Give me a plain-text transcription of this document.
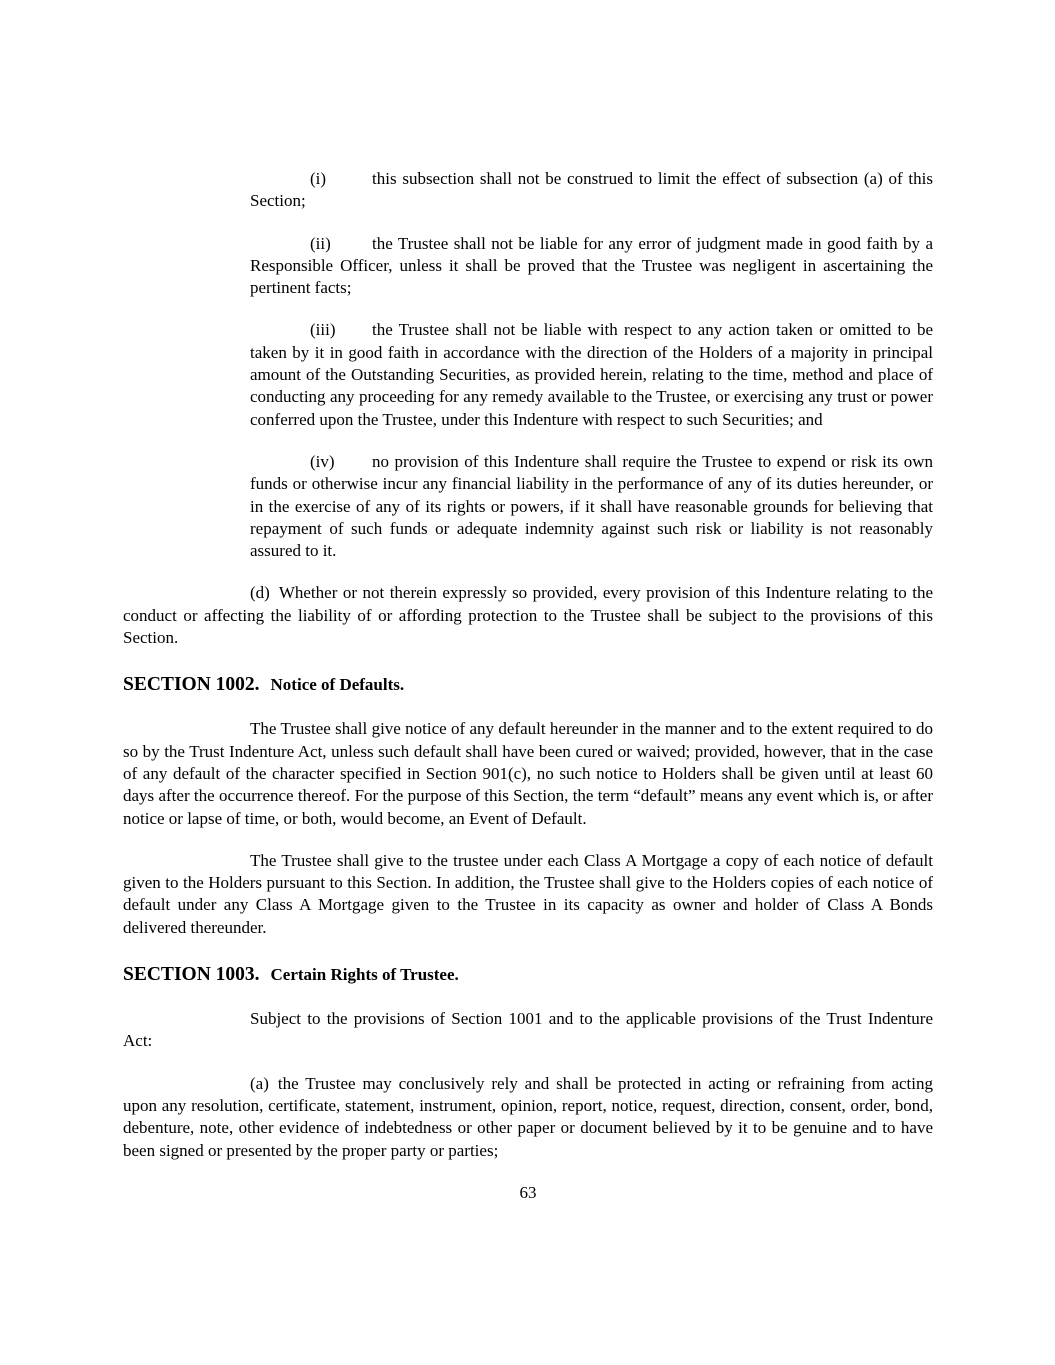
(i)	this subsection shall not be construed to limit the effect of subsection (a) of this Section;

(ii) the Trustee shall not be liable for any error of judgment made in good faith by a Responsible Officer, unless it shall be proved that the Trustee was negligent in ascertaining the pertinent facts;

(iii) the Trustee shall not be liable with respect to any action taken or omitted to be taken by it in good faith in accordance with the direction of the Holders of a majority in principal amount of the Outstanding Securities, as provided herein, relating to the time, method and place of conducting any proceeding for any remedy available to the Trustee, or exercising any trust or power conferred upon the Trustee, under this Indenture with respect to such Securities; and

(iv) no provision of this Indenture shall require the Trustee to expend or risk its own funds or otherwise incur any financial liability in the performance of any of its duties hereunder, or in the exercise of any of its rights or powers, if it shall have reasonable grounds for believing that repayment of such funds or adequate indemnity against such risk or liability is not reasonably assured to it.

(d) Whether or not therein expressly so provided, every provision of this Indenture relating to the conduct or affecting the liability of or affording protection to the Trustee shall be subject to the provisions of this Section.

SECTION 1002. Notice of Defaults.

The Trustee shall give notice of any default hereunder in the manner and to the extent required to do so by the Trust Indenture Act, unless such default shall have been cured or waived; provided, however, that in the case of any default of the character specified in Section 901(c), no such notice to Holders shall be given until at least 60 days after the occurrence thereof. For the purpose of this Section, the term “default” means any event which is, or after notice or lapse of time, or both, would become, an Event of Default.

The Trustee shall give to the trustee under each Class A Mortgage a copy of each notice of default given to the Holders pursuant to this Section. In addition, the Trustee shall give to the Holders copies of each notice of default under any Class A Mortgage given to the Trustee in its capacity as owner and holder of Class A Bonds delivered thereunder.

SECTION 1003. Certain Rights of Trustee.

Subject to the provisions of Section 1001 and to the applicable provisions of the Trust Indenture Act:

(a) the Trustee may conclusively rely and shall be protected in acting or refraining from acting upon any resolution, certificate, statement, instrument, opinion, report, notice, request, direction, consent, order, bond, debenture, note, other evidence of indebtedness or other paper or document believed by it to be genuine and to have been signed or presented by the proper party or parties;

63
